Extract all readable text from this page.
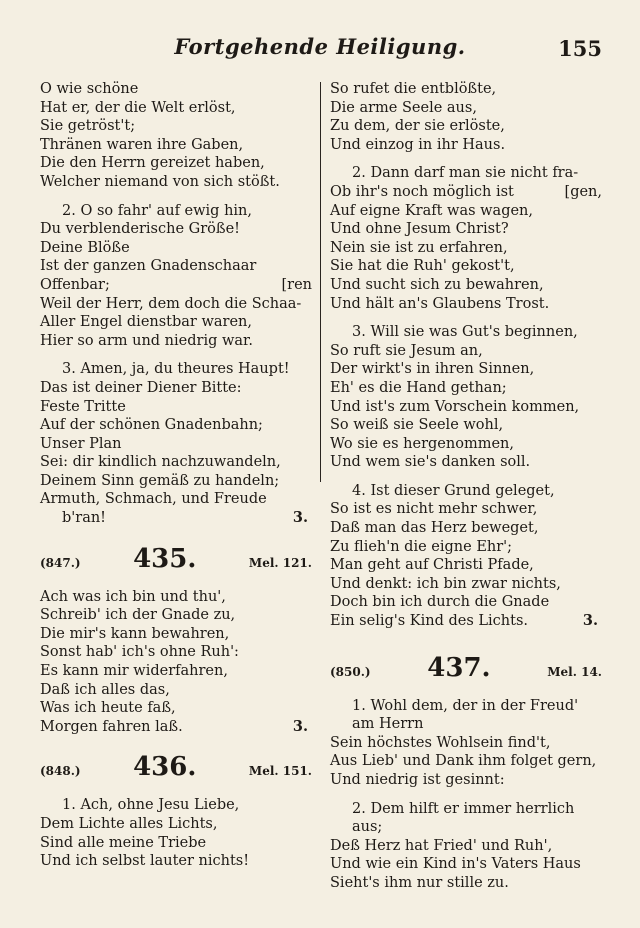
Fortgehende Heiligung.	155
O wie schöne
Hat er, der die Welt erlöst,
Sie getröst't;
Thränen waren ihre Gaben,
Die den Herrn gereizet haben,
Welcher niemand von sich stößt.
2. O so fahr' auf ewig hin,
Du verblenderische Größe!
Deine Blöße
Ist der ganzen Gnadenschaar
Offenbar;	[ren
Weil der Herr, dem doch die Schaa-
Aller Engel dienstbar waren,
Hier so arm und niedrig war.
3. Amen, ja, du theures Haupt!
Das ist deiner Diener Bitte:
Feste Tritte
Auf der schönen Gnadenbahn;
Unser Plan
Sei: dir kindlich nachzuwandeln,
Deinem Sinn gemäß zu handeln;
Armuth, Schmach, und Freude
b'ran!	3.
(847.) 435.	Mel. 121.
Ach was ich bin und thu',
Schreib' ich der Gnade zu,
Die mir's kann bewahren,
Sonst hab' ich's ohne Ruh':
Es kann mir widerfahren,
Daß ich alles das,
Was ich heute faß,
Morgen fahren laß.	3.
(848.) 436.	Mel. 151.
1. Ach, ohne Jesu Liebe,
Dem Lichte alles Lichts,
Sind alle meine Triebe
Und ich selbst lauter nichts!
So rufet die entblößte,
Die arme Seele aus,
Zu dem, der sie erlöste,
Und einzog in ihr Haus.
2. Dann darf man sie nicht fra-
Ob ihr's noch möglich ist	[gen,
Auf eigne Kraft was wagen,
Und ohne Jesum Christ?
Nein sie ist zu erfahren,
Sie hat die Ruh' gekost't,
Und sucht sich zu bewahren,
Und hält an's Glaubens Trost.
3. Will sie was Gut's beginnen,
So ruft sie Jesum an,
Der wirkt's in ihren Sinnen,
Eh' es die Hand gethan;
Und ist's zum Vorschein kommen,
So weiß sie Seele wohl,
Wo sie es hergenommen,
Und wem sie's danken soll.
4. Ist dieser Grund geleget,
So ist es nicht mehr schwer,
Daß man das Herz beweget,
Zu flieh'n die eigne Ehr';
Man geht auf Christi Pfade,
Und denkt: ich bin zwar nichts,
Doch bin ich durch die Gnade
Ein selig's Kind des Lichts.	3.
(850.) 437.	Mel. 14.
1. Wohl dem, der in der Freud'
am Herrn
Sein höchstes Wohlsein find't,
Aus Lieb' und Dank ihm folget gern,
Und niedrig ist gesinnt:
2. Dem hilft er immer herrlich
aus;
Deß Herz hat Fried' und Ruh',
Und wie ein Kind in's Vaters Haus
Sieht's ihm nur stille zu.
